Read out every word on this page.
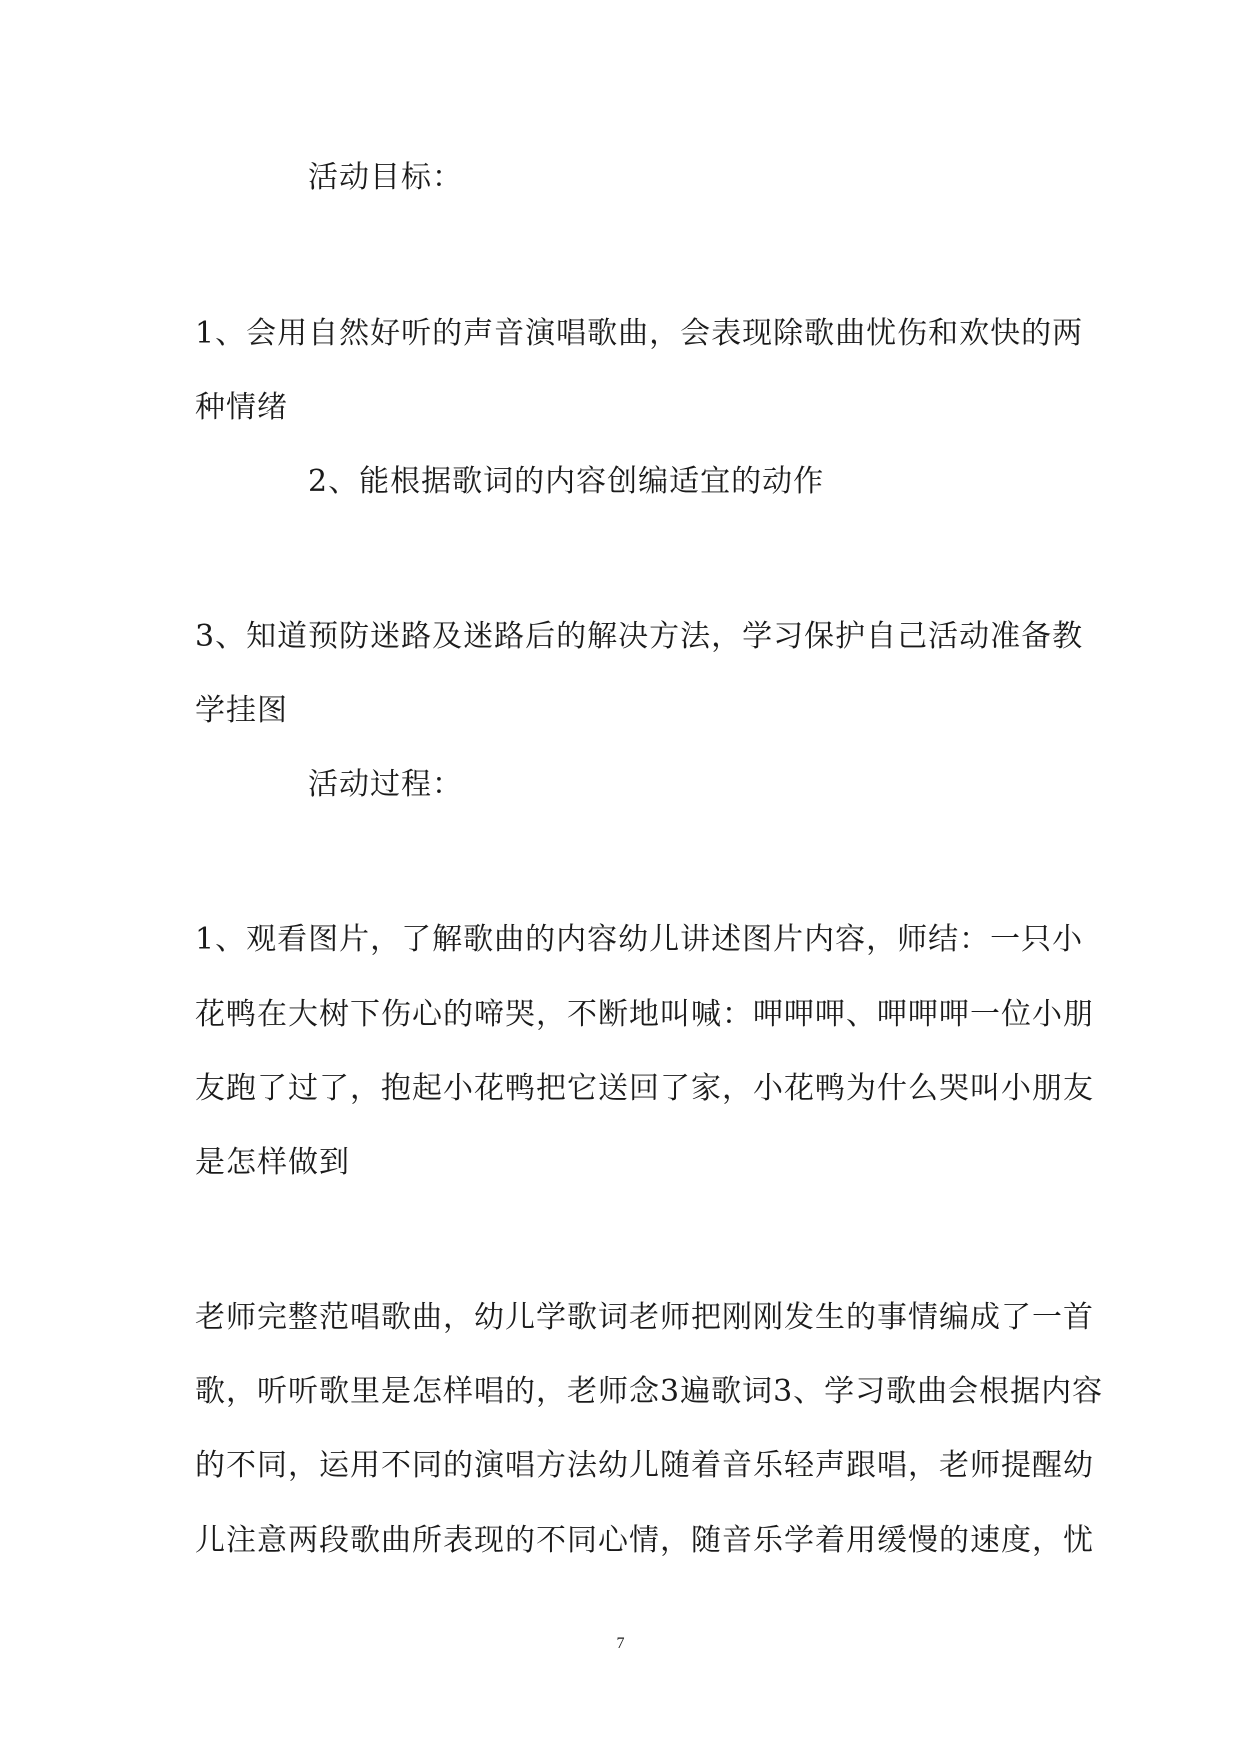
活动目标：
1、会用自然好听的声音演唱歌曲，会表现除歌曲忧伤和欢快的两
种情绪
2、能根据歌词的内容创编适宜的动作
3、知道预防迷路及迷路后的解决方法，学习保护自己活动准备教
学挂图
活动过程：
1、观看图片，了解歌曲的内容幼儿讲述图片内容，师结：一只小
花鸭在大树下伤心的啼哭，不断地叫喊：呷呷呷、呷呷呷一位小朋
友跑了过了，抱起小花鸭把它送回了家，小花鸭为什么哭叫小朋友
是怎样做到
老师完整范唱歌曲，幼儿学歌词老师把刚刚发生的事情编成了一首
歌，听听歌里是怎样唱的，老师念3遍歌词3、学习歌曲会根据内容
的不同，运用不同的演唱方法幼儿随着音乐轻声跟唱，老师提醒幼
儿注意两段歌曲所表现的不同心情，随音乐学着用缓慢的速度，忧
7
